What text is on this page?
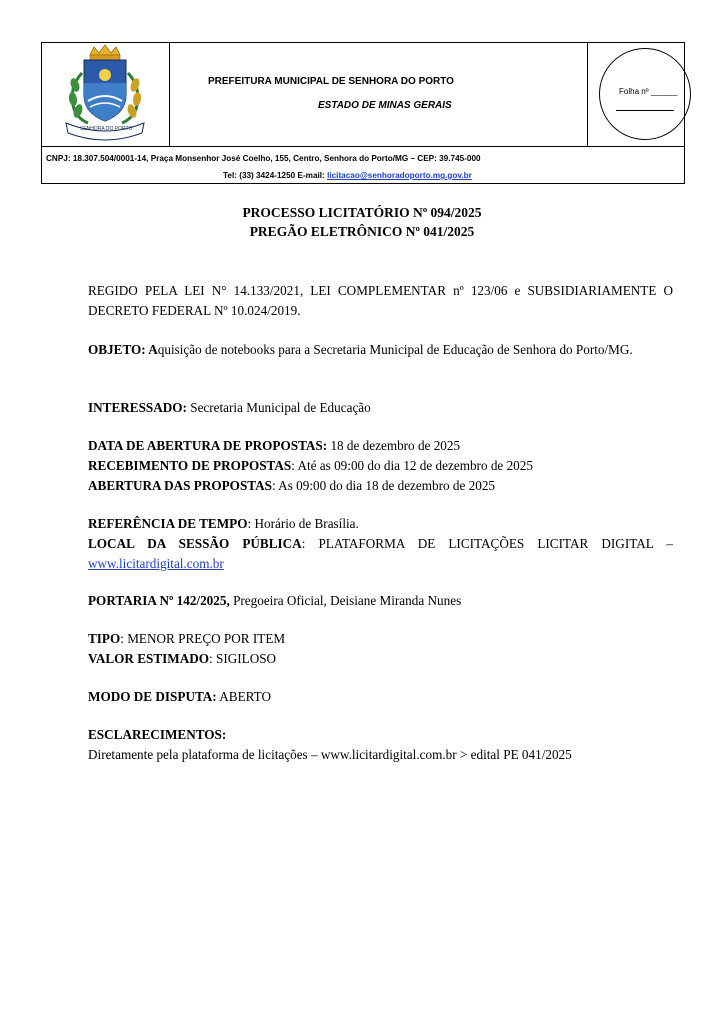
SENHORA DO PORTO
PREFEITURA MUNICIPAL DE SENHORA DO PORTO
ESTADO DE MINAS GERAIS
Folha nº ______
CNPJ: 18.307.504/0001-14, Praça Monsenhor José Coelho, 155, Centro, Senhora do Porto/MG – CEP: 39.745-000
Tel: (33) 3424-1250 E-mail: licitacao@senhoradoporto.mg.gov.br
PROCESSO LICITATÓRIO Nº 094/2025
PREGÃO ELETRÔNICO Nº 041/2025
REGIDO PELA LEI N° 14.133/2021, LEI COMPLEMENTAR nº 123/06 e SUBSIDIARIAMENTE O DECRETO FEDERAL Nº 10.024/2019.
OBJETO: Aquisição de notebooks para a Secretaria Municipal de Educação de Senhora do Porto/MG.
INTERESSADO: Secretaria Municipal de Educação
DATA DE ABERTURA DE PROPOSTAS: 18 de dezembro de 2025
RECEBIMENTO DE PROPOSTAS: Até as 09:00 do dia 12 de dezembro de 2025
ABERTURA DAS PROPOSTAS: As 09:00 do dia 18 de dezembro de 2025
REFERÊNCIA DE TEMPO: Horário de Brasília.
LOCAL DA SESSÃO PÚBLICA: PLATAFORMA DE LICITAÇÕES LICITAR DIGITAL – www.licitardigital.com.br
PORTARIA Nº 142/2025, Pregoeira Oficial, Deisiane Miranda Nunes
TIPO: MENOR PREÇO POR ITEM
VALOR ESTIMADO: SIGILOSO
MODO DE DISPUTA: ABERTO
ESCLARECIMENTOS:
Diretamente pela plataforma de licitações – www.licitardigital.com.br > edital PE 041/2025
